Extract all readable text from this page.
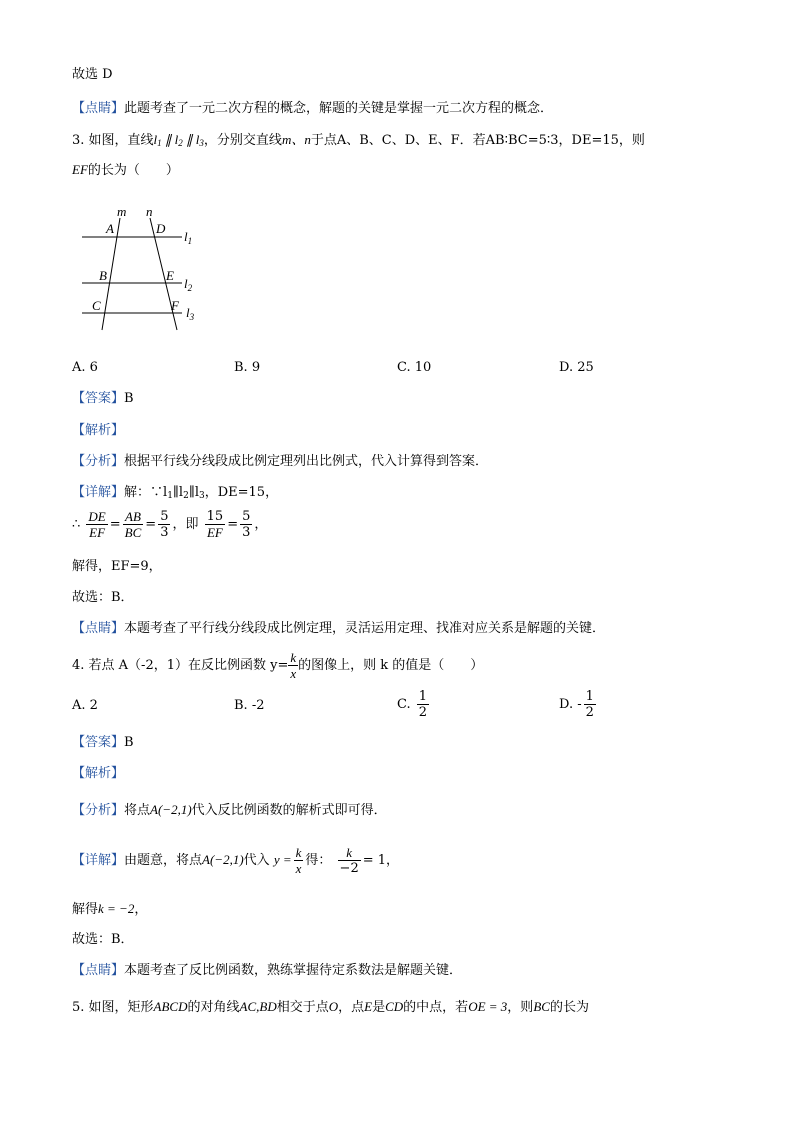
故选 D
【点睛】此题考查了一元二次方程的概念，解题的关键是掌握一元二次方程的概念．
3. 如图，直线$l_1$ ∥ $l_2$ ∥ $l_3$，分别交直线m、n于点A、B、C、D、E、F．若AB∶BC=5∶3，DE=15，则
EF的长为（　　）
m n
A	D
$l_1$
B	E
$l_2$
C	F $l_3$
A. 6	B. 9	C. 10	D. 25
【答案】B
【解析】
【分析】根据平行线分线段成比例定理列出比例式，代入计算得到答案．
【详解】解：$\because l_1\parallel l_2\parallel l_3$，DE=15，
∴ $\frac{DE}{EF} = \frac{AB}{BC} = \frac{5}{3}$ ，即 $\frac{15}{EF} = \frac{5}{3}$ ，
解得，EF=9，
故选：B．
【点睛】本题考查了平行线分线段成比例定理，灵活运用定理、找准对应关系是解题的关键．
4. 若点 A（-2，1）在反比例函数 $y= \frac{k}{x}$ 的图像上，则 k 的值是（　　）
A. 2	B. -2	C. $\frac{1}{2}$	D. - $\frac{1}{2}$
【答案】B
【解析】
【分析】将点A(−2,1)代入反比例函数的解析式即可得．
【详解】由题意，将点A(−2,1)代入 $y = \frac{k}{x}$ 得： $\frac{k}{-2} = 1$，
解得k = −2，
故选：B．
【点睛】本题考查了反比例函数，熟练掌握待定系数法是解题关键．
5. 如图，矩形ABCD的对角线AC,BD相交于点O，点E是CD的中点，若OE = 3，则BC的长为
